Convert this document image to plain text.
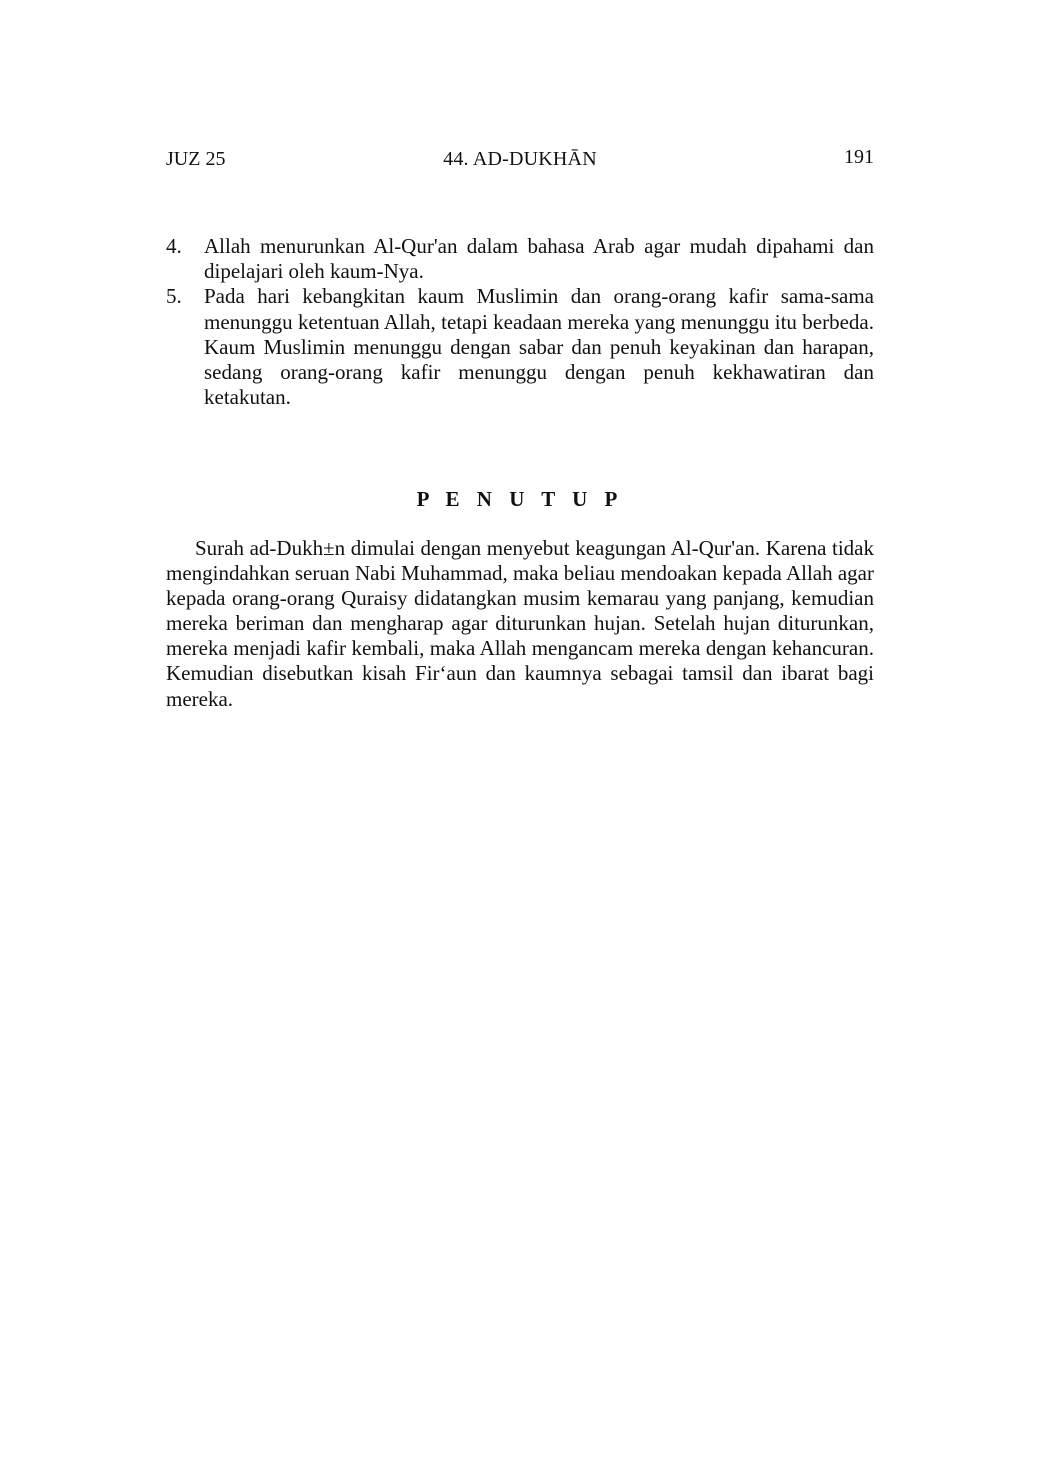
JUZ 25	44. AD-DUKHĀN	191
4. Allah menurunkan Al-Qur'an dalam bahasa Arab agar mudah dipahami dan dipelajari oleh kaum-Nya.
5. Pada hari kebangkitan kaum Muslimin dan orang-orang kafir sama-sama menunggu ketentuan Allah, tetapi keadaan mereka yang menunggu itu berbeda. Kaum Muslimin menunggu dengan sabar dan penuh keyakinan dan harapan, sedang orang-orang kafir menunggu dengan penuh kekhawatiran dan ketakutan.
P E N U T U P

Surah ad-Dukh±n dimulai dengan menyebut keagungan Al-Qur'an. Karena tidak mengindahkan seruan Nabi Muhammad, maka beliau mendoakan kepada Allah agar kepada orang-orang Quraisy didatangkan musim kemarau yang panjang, kemudian mereka beriman dan mengharap agar diturunkan hujan. Setelah hujan diturunkan, mereka menjadi kafir kembali, maka Allah mengancam mereka dengan kehancuran. Kemudian disebutkan kisah Fir‘aun dan kaumnya sebagai tamsil dan ibarat bagi mereka.
